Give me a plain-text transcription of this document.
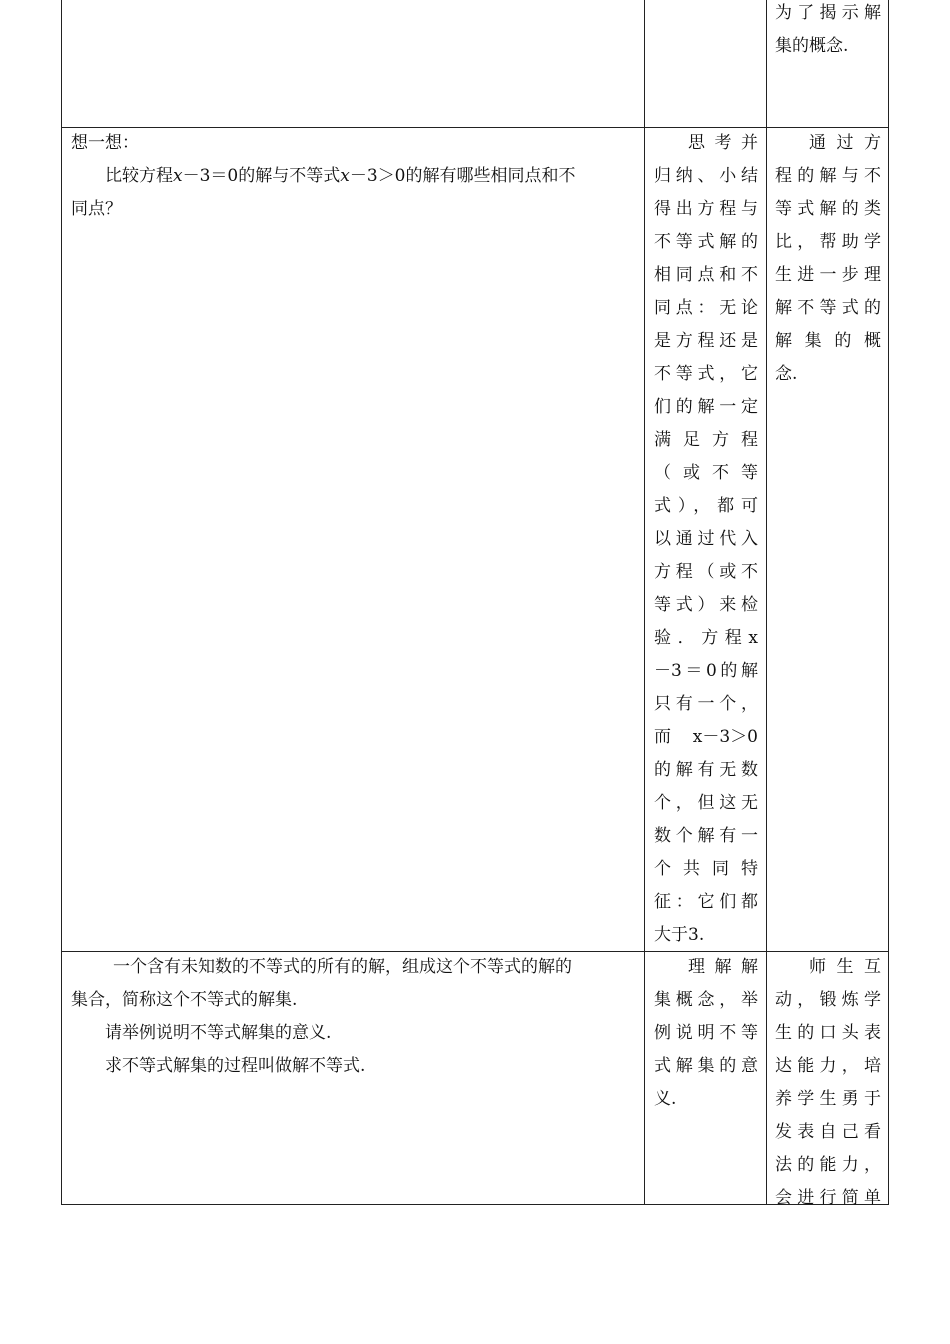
为了揭示解

集的概念.

想一想：

比较方程x－3＝0的解与不等式x－3＞0的解有哪些相同点和不

同点？

思考并

归纳、小结

得出方程与

不等式解的

相同点和不

同点：无论

是方程还是

不等式，它

们的解一定

满足方程

（或不等

式），都可

以通过代入

方程（或不

等式）来检

验．方程x

－3＝0的解

只有一个，

而x－3＞0

的解有无数

个，但这无

数个解有一

个共同特

征：它们都

大于3.

通过方

程的解与不

等式解的类

比，帮助学

生进一步理

解不等式的

解集的概

念.

一个含有未知数的不等式的所有的解，组成这个不等式的解的

集合，简称这个不等式的解集.

请举例说明不等式解集的意义.

求不等式解集的过程叫做解不等式.

理解解

集概念，举

例说明不等

式解集的意

义.

师生互

动，锻炼学

生的口头表

达能力，培

养学生勇于

发表自己看

法的能力，

会进行简单
